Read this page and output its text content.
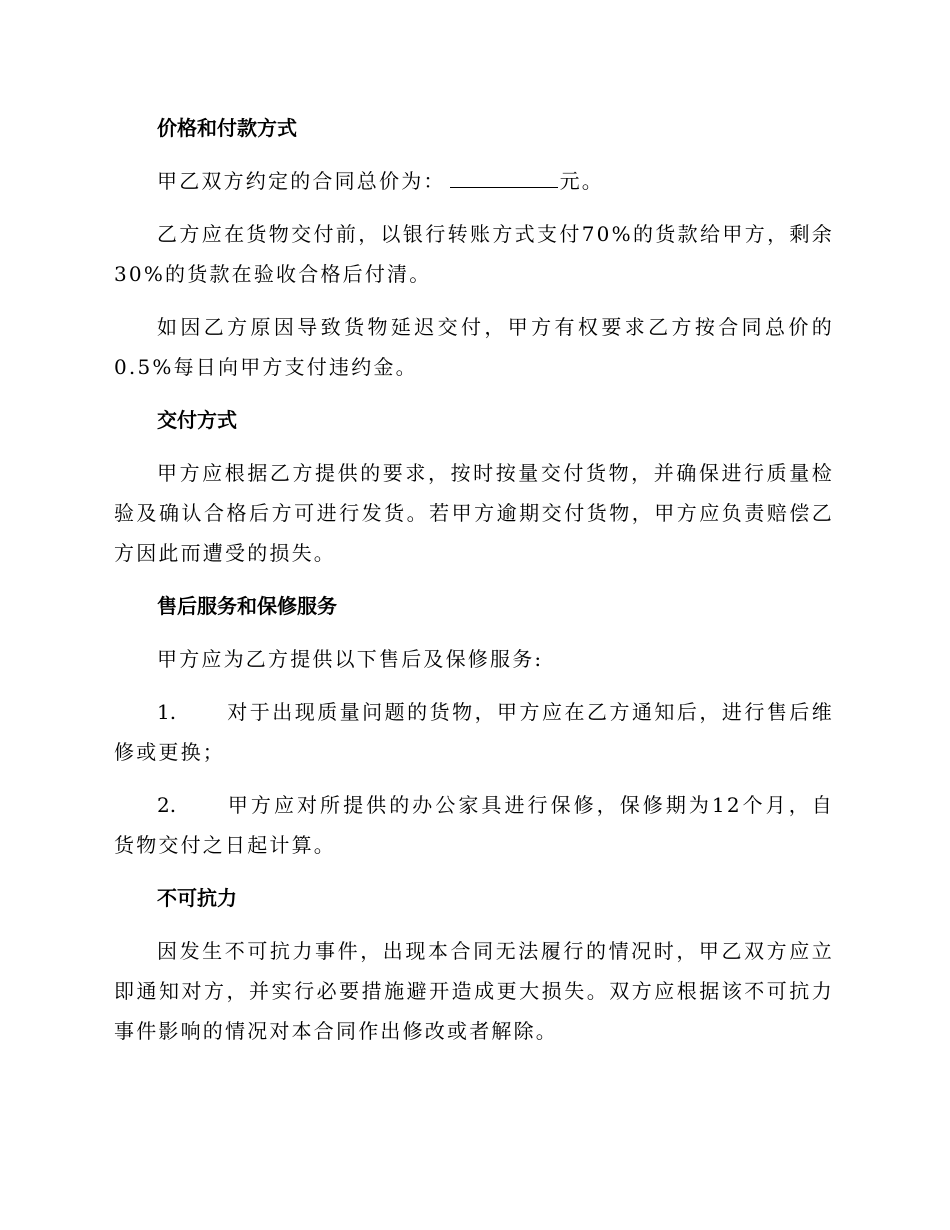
价格和付款方式

甲乙双方约定的合同总价为：	元。

乙方应在货物交付前，以银行转账方式支付70%的货款给甲方，剩余30%的货款在验收合格后付清。

如因乙方原因导致货物延迟交付，甲方有权要求乙方按合同总价的0.5%每日向甲方支付违约金。

交付方式

甲方应根据乙方提供的要求，按时按量交付货物，并确保进行质量检验及确认合格后方可进行发货。若甲方逾期交付货物，甲方应负责赔偿乙方因此而遭受的损失。

售后服务和保修服务

甲方应为乙方提供以下售后及保修服务:

1.	对于出现质量问题的货物，甲方应在乙方通知后，进行售后维修或更换；

2.	甲方应对所提供的办公家具进行保修，保修期为12个月，自货物交付之日起计算。

不可抗力

因发生不可抗力事件，出现本合同无法履行的情况时，甲乙双方应立即通知对方，并实行必要措施避开造成更大损失。双方应根据该不可抗力事件影响的情况对本合同作出修改或者解除。
